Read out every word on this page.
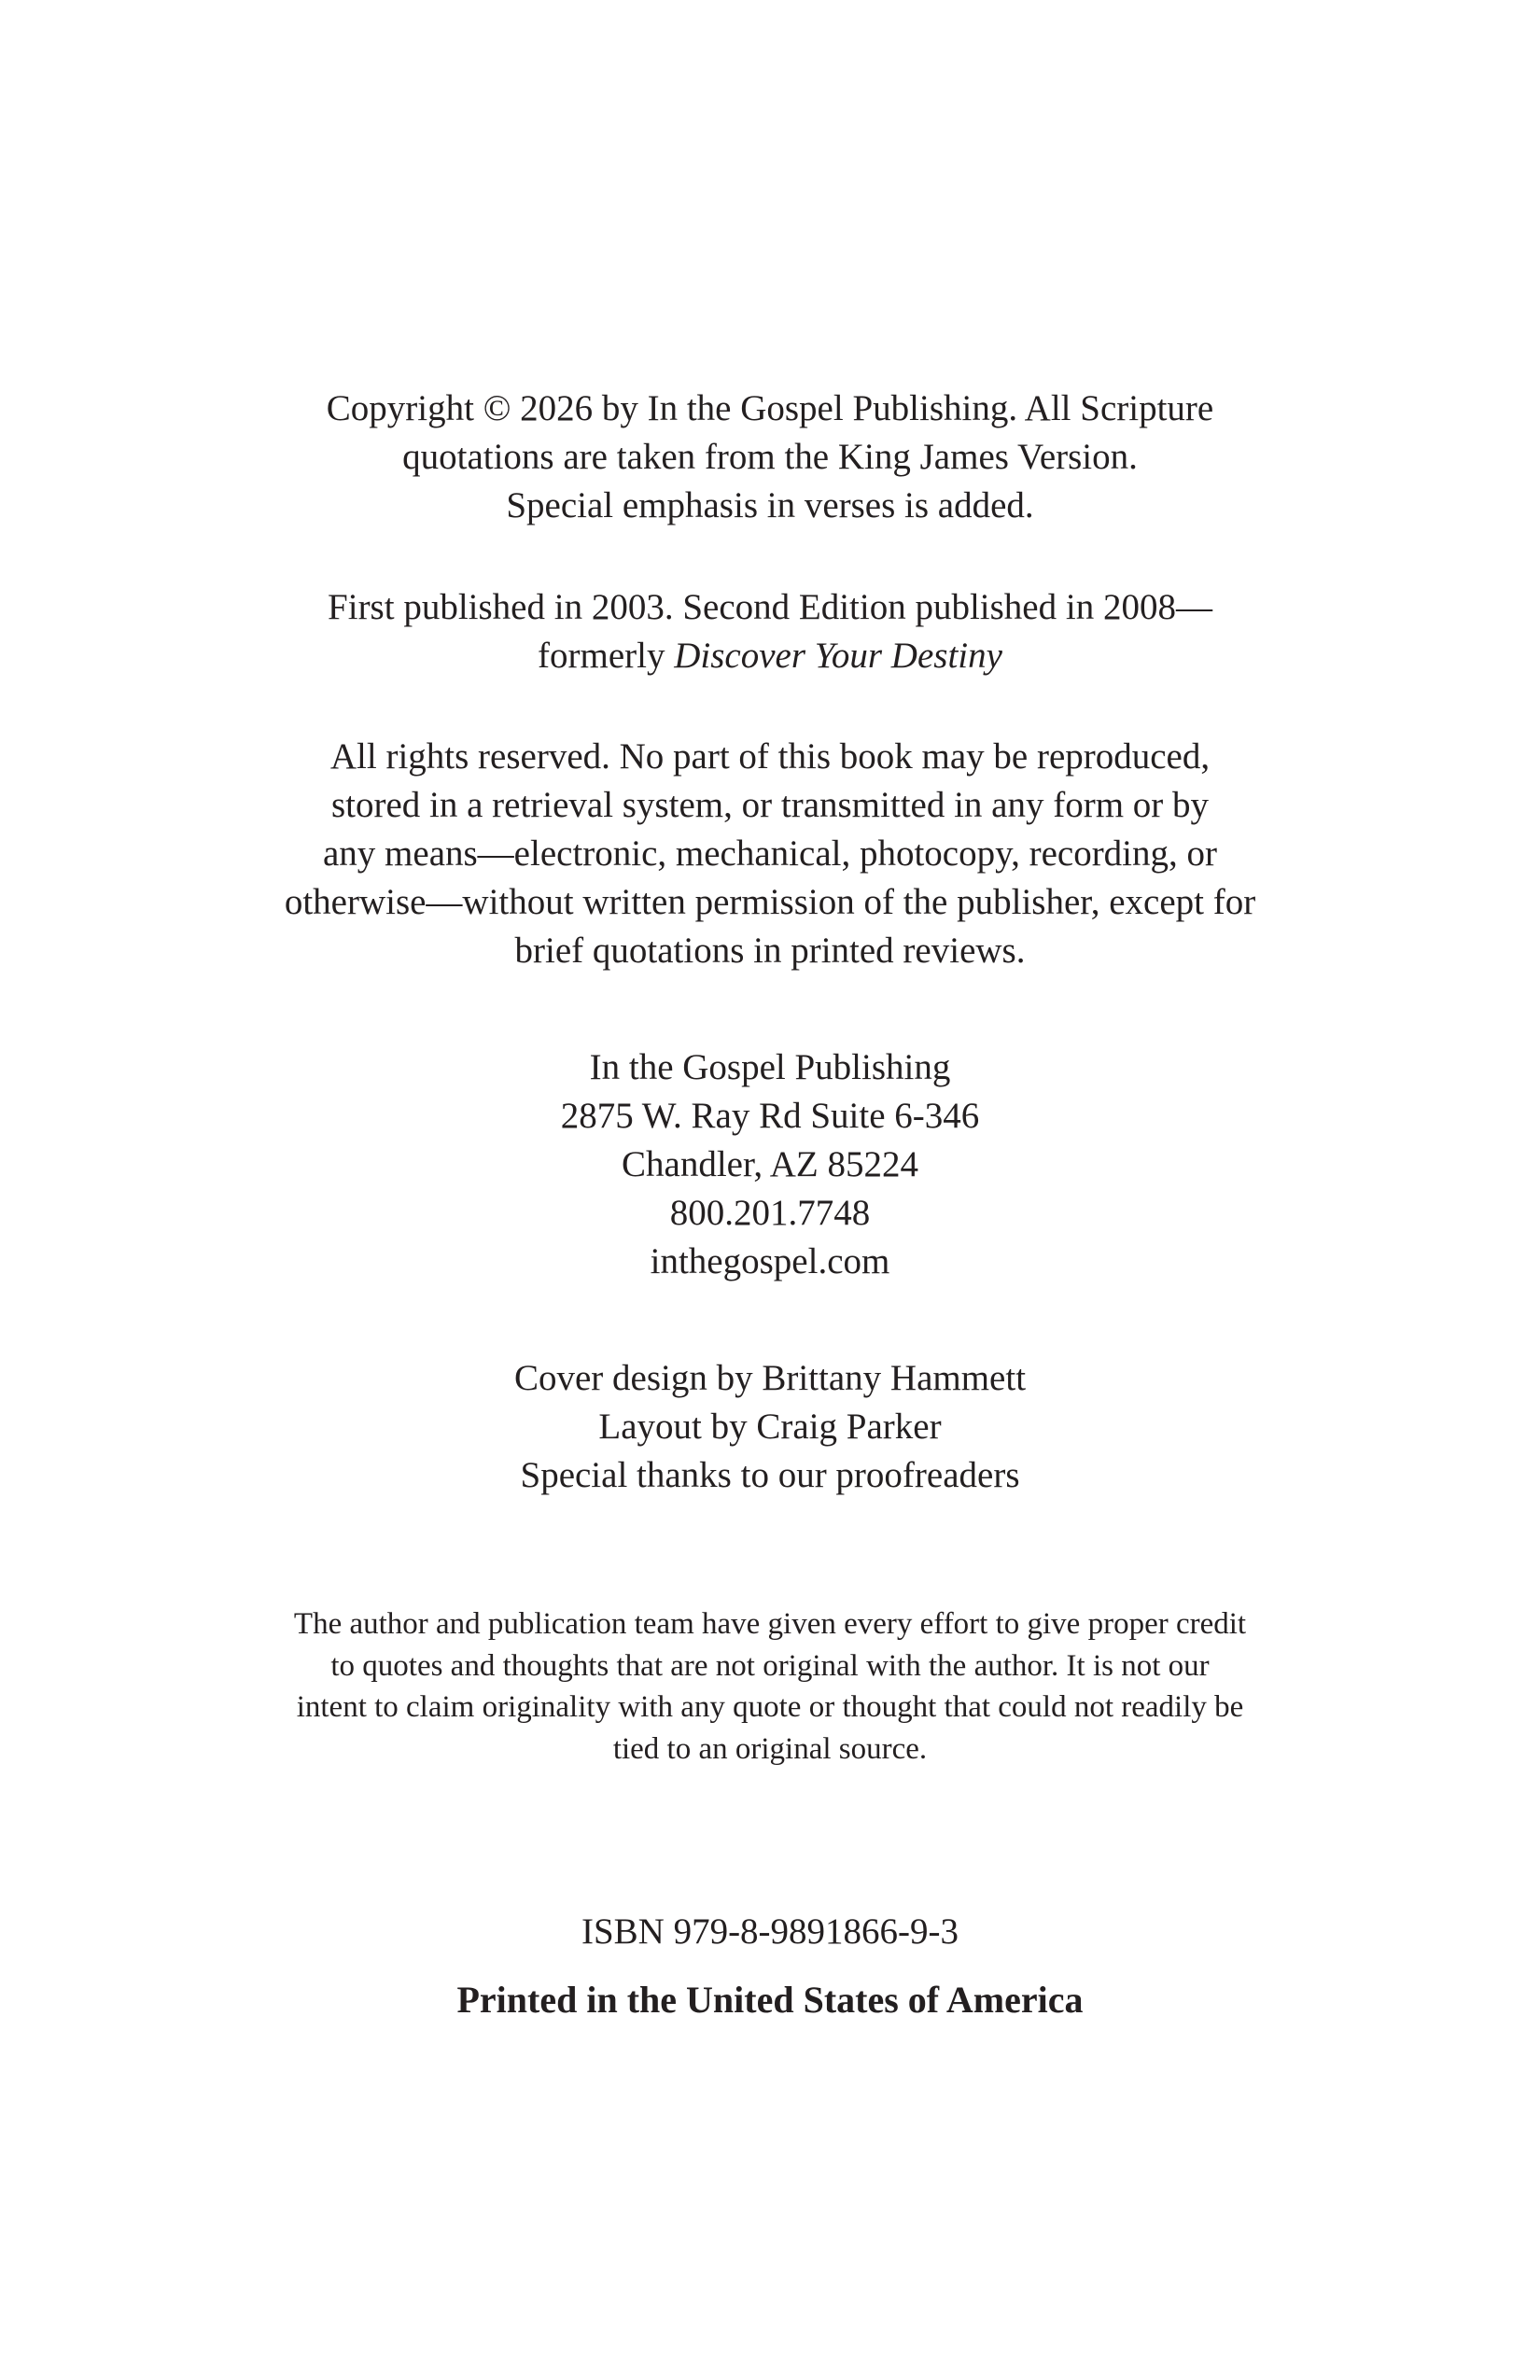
Copyright © 2026 by In the Gospel Publishing. All Scripture
quotations are taken from the King James Version.
Special emphasis in verses is added.
First published in 2003. Second Edition published in 2008—
formerly Discover Your Destiny
All rights reserved. No part of this book may be reproduced,
stored in a retrieval system, or transmitted in any form or by
any means—electronic, mechanical, photocopy, recording, or
otherwise—without written permission of the publisher, except for
brief quotations in printed reviews.
In the Gospel Publishing
2875 W. Ray Rd Suite 6-346
Chandler, AZ 85224
800.201.7748
inthegospel.com
Cover design by Brittany Hammett
Layout by Craig Parker
Special thanks to our proofreaders
The author and publication team have given every effort to give proper credit
to quotes and thoughts that are not original with the author. It is not our
intent to claim originality with any quote or thought that could not readily be
tied to an original source.
ISBN 979-8-9891866-9-3
Printed in the United States of America
